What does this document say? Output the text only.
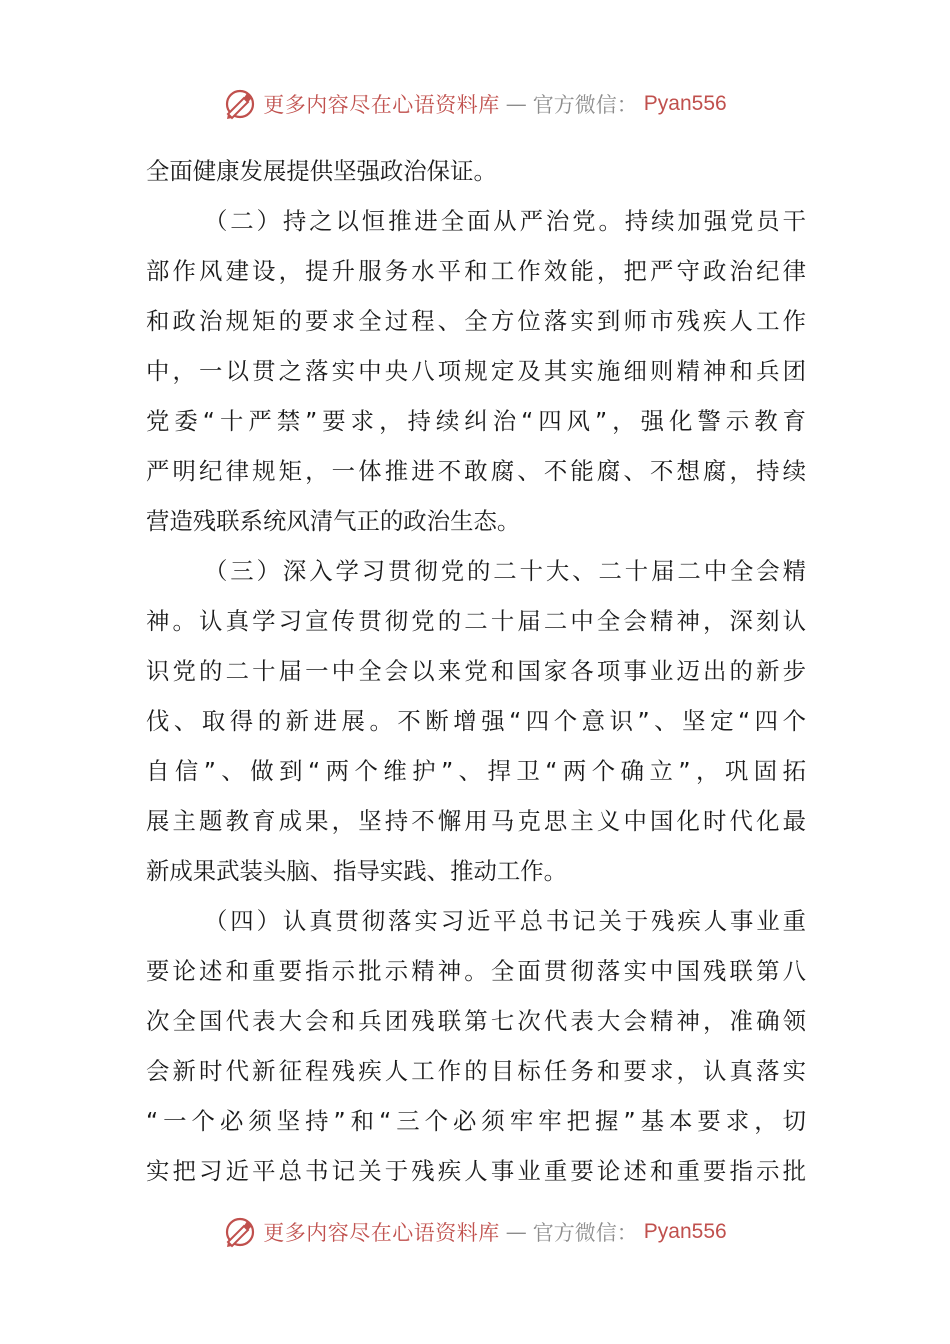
更多内容尽在心语资料库 — 官方微信： Pyan556
全面健康发展提供坚强政治保证。
（二）持之以恒推进全面从严治党。持续加强党员干
部作风建设，提升服务水平和工作效能，把严守政治纪律
和政治规矩的要求全过程、全方位落实到师市残疾人工作
中，一以贯之落实中央八项规定及其实施细则精神和兵团
党委“十严禁”要求，持续纠治“四风”，强化警示教育
严明纪律规矩，一体推进不敢腐、不能腐、不想腐，持续
营造残联系统风清气正的政治生态。
（三）深入学习贯彻党的二十大、二十届二中全会精
神。认真学习宣传贯彻党的二十届二中全会精神，深刻认
识党的二十届一中全会以来党和国家各项事业迈出的新步
伐、取得的新进展。不断增强“四个意识”、坚定“四个
自信”、做到“两个维护”、捍卫“两个确立”，巩固拓
展主题教育成果，坚持不懈用马克思主义中国化时代化最
新成果武装头脑、指导实践、推动工作。
（四）认真贯彻落实习近平总书记关于残疾人事业重
要论述和重要指示批示精神。全面贯彻落实中国残联第八
次全国代表大会和兵团残联第七次代表大会精神，准确领
会新时代新征程残疾人工作的目标任务和要求，认真落实
“一个必须坚持”和“三个必须牢牢把握”基本要求，切
实把习近平总书记关于残疾人事业重要论述和重要指示批
更多内容尽在心语资料库 — 官方微信： Pyan556
